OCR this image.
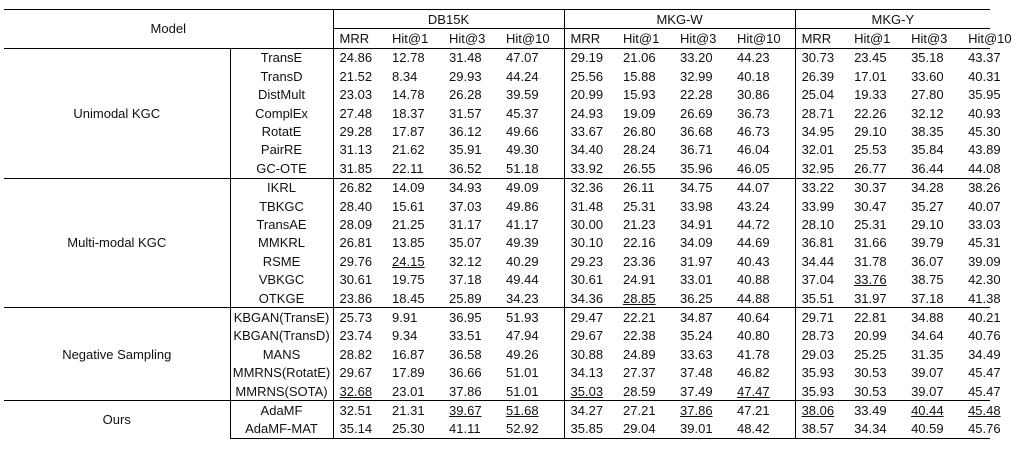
Model		DB15K				MKG-W				MKG-Y			
		MRR	Hit@1	Hit@3	Hit@10	MRR	Hit@1	Hit@3	Hit@10	MRR	Hit@1	Hit@3	Hit@10
Unimodal KGC	TransE	24.86	12.78	31.48	47.07	29.19	21.06	33.20	44.23	30.73	23.45	35.18	43.37
	TransD	21.52	8.34	29.93	44.24	25.56	15.88	32.99	40.18	26.39	17.01	33.60	40.31
	DistMult	23.03	14.78	26.28	39.59	20.99	15.93	22.28	30.86	25.04	19.33	27.80	35.95
	ComplEx	27.48	18.37	31.57	45.37	24.93	19.09	26.69	36.73	28.71	22.26	32.12	40.93
	RotatE	29.28	17.87	36.12	49.66	33.67	26.80	36.68	46.73	34.95	29.10	38.35	45.30
	PairRE	31.13	21.62	35.91	49.30	34.40	28.24	36.71	46.04	32.01	25.53	35.84	43.89
	GC-OTE	31.85	22.11	36.52	51.18	33.92	26.55	35.96	46.05	32.95	26.77	36.44	44.08
Multi-modal KGC	IKRL	26.82	14.09	34.93	49.09	32.36	26.11	34.75	44.07	33.22	30.37	34.28	38.26
	TBKGC	28.40	15.61	37.03	49.86	31.48	25.31	33.98	43.24	33.99	30.47	35.27	40.07
	TransAE	28.09	21.25	31.17	41.17	30.00	21.23	34.91	44.72	28.10	25.31	29.10	33.03
	MMKRL	26.81	13.85	35.07	49.39	30.10	22.16	34.09	44.69	36.81	31.66	39.79	45.31
	RSME	29.76	24.15	32.12	40.29	29.23	23.36	31.97	40.43	34.44	31.78	36.07	39.09
	VBKGC	30.61	19.75	37.18	49.44	30.61	24.91	33.01	40.88	37.04	33.76	38.75	42.30
	OTKGE	23.86	18.45	25.89	34.23	34.36	28.85	36.25	44.88	35.51	31.97	37.18	41.38
Negative Sampling	KBGAN(TransE)	25.73	9.91	36.95	51.93	29.47	22.21	34.87	40.64	29.71	22.81	34.88	40.21
	KBGAN(TransD)	23.74	9.34	33.51	47.94	29.67	22.38	35.24	40.80	28.73	20.99	34.64	40.76
	MANS	28.82	16.87	36.58	49.26	30.88	24.89	33.63	41.78	29.03	25.25	31.35	34.49
	MMRNS(RotatE)	29.67	17.89	36.66	51.01	34.13	27.37	37.48	46.82	35.93	30.53	39.07	45.47
	MMRNS(SOTA)	32.68	23.01	37.86	51.01	35.03	28.59	37.49	47.47	35.93	30.53	39.07	45.47
Ours	AdaMF	32.51	21.31	39.67	51.68	34.27	27.21	37.86	47.21	38.06	33.49	40.44	45.48
	AdaMF-MAT	35.14	25.30	41.11	52.92	35.85	29.04	39.01	48.42	38.57	34.34	40.59	45.76
